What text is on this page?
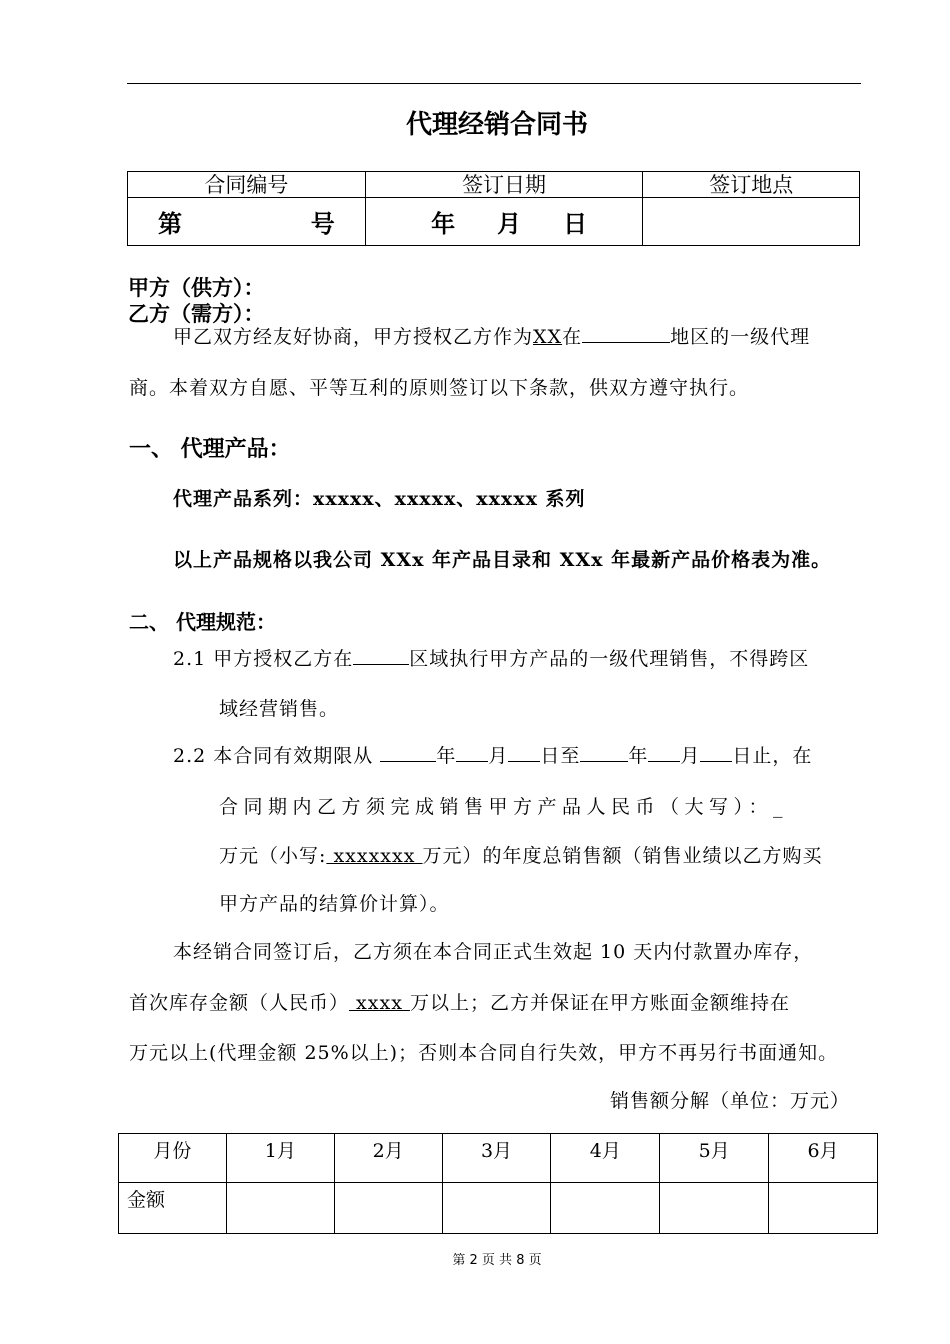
代理经销合同书
合同编号	签订日期	签订地点

第 号	年 月 日	

甲方（供方）：
乙方（需方）：
甲乙双方经友好协商，甲方授权乙方作为XX在	地区的一级代理
商。本着双方自愿、平等互利的原则签订以下条款，供双方遵守执行。
一、 代理产品：
代理产品系列：xxxxx、xxxxx、xxxxx 系列
以上产品规格以我公司 XXx 年产品目录和 XXx 年最新产品价格表为准。
二、 代理规范：
2.1 甲方授权乙方在	区域执行甲方产品的一级代理销售，不得跨区
域经营销售。
2.2 本合同有效期限从	年 月 日至	年 月 日止，在
合同期内乙方须完成销售甲方产品人民币（大写）：_
万元（小写: xxxxxxx 万元）的年度总销售额（销售业绩以乙方购买
甲方产品的结算价计算）。
本经销合同签订后，乙方须在本合同正式生效起 10 天内付款置办库存，
首次库存金额（人民币） xxxx 万以上；乙方并保证在甲方账面金额维持在
万元以上(代理金额 25%以上)；否则本合同自行失效，甲方不再另行书面通知。
销售额分解（单位：万元）
月份	1月	2月	3月	4月	5月	6月
金额						
第 2 页 共 8 页
